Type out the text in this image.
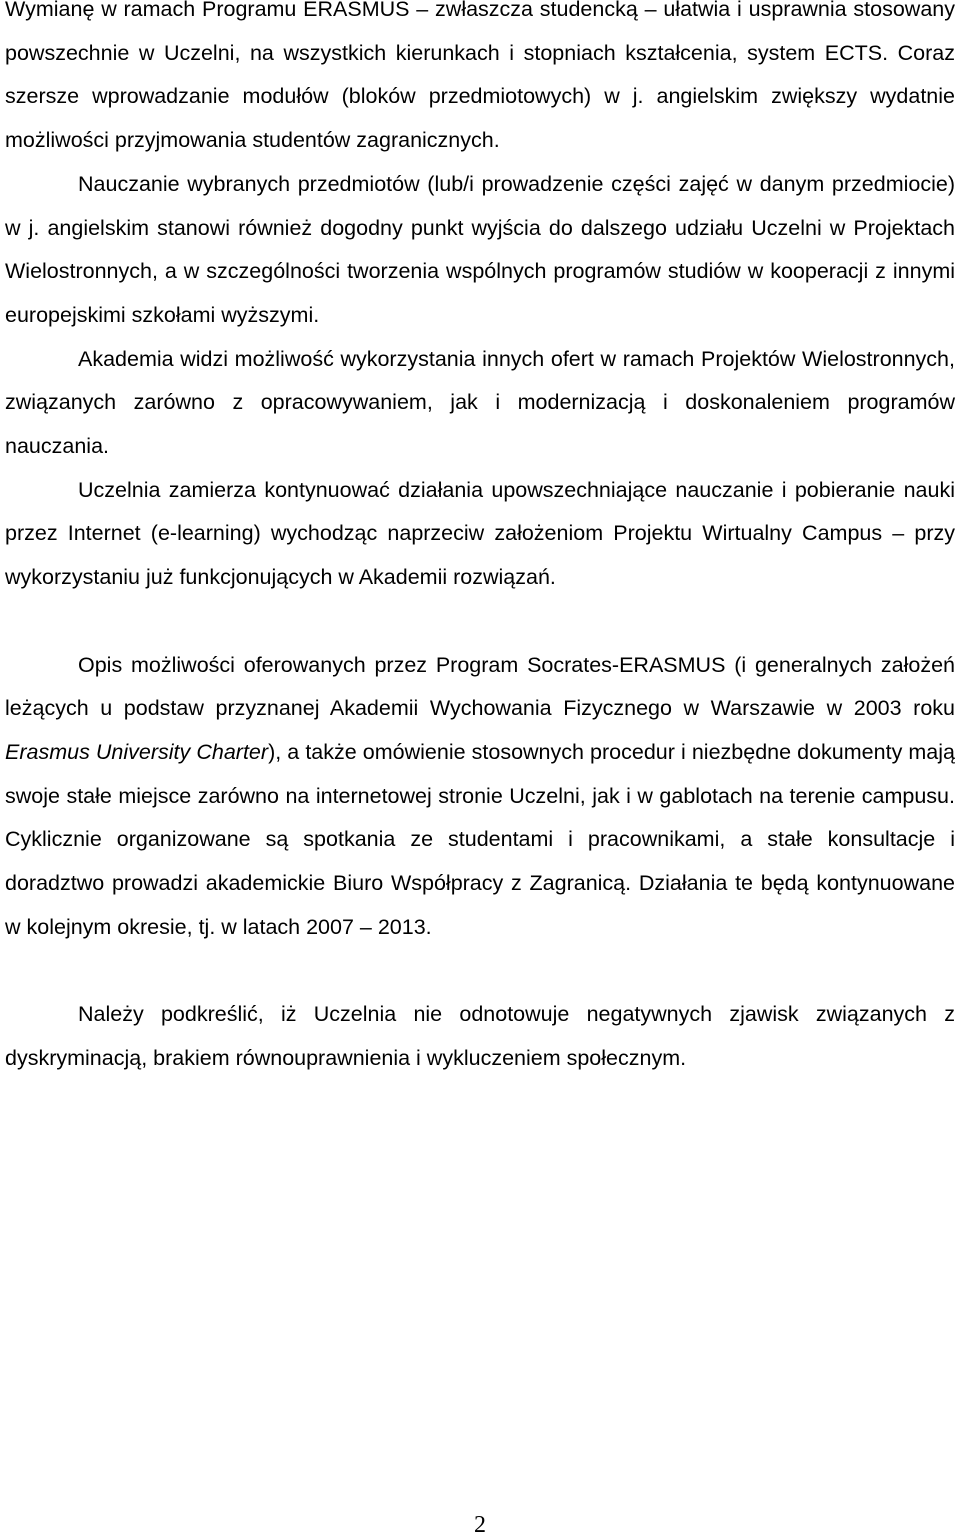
Wymianę w ramach Programu ERASMUS – zwłaszcza studencką – ułatwia i usprawnia stosowany powszechnie w Uczelni, na wszystkich kierunkach i stopniach kształcenia, system ECTS. Coraz szersze wprowadzanie modułów (bloków przedmiotowych) w j. angielskim zwiększy wydatnie możliwości przyjmowania studentów zagranicznych.

Nauczanie wybranych przedmiotów (lub/i prowadzenie części zajęć w danym przedmiocie) w j. angielskim stanowi również dogodny punkt wyjścia do dalszego udziału Uczelni w Projektach Wielostronnych, a w szczególności tworzenia wspólnych programów studiów w kooperacji z innymi europejskimi szkołami wyższymi.

Akademia widzi możliwość wykorzystania innych ofert w ramach Projektów Wielostronnych, związanych zarówno z opracowywaniem, jak i modernizacją i doskonaleniem programów nauczania.

Uczelnia zamierza kontynuować działania upowszechniające nauczanie i pobieranie nauki przez Internet (e-learning) wychodząc naprzeciw założeniom Projektu Wirtualny Campus – przy wykorzystaniu już funkcjonujących w Akademii rozwiązań.

Opis możliwości oferowanych przez Program Socrates-ERASMUS (i generalnych założeń leżących u podstaw przyznanej Akademii Wychowania Fizycznego w Warszawie w 2003 roku Erasmus University Charter), a także omówienie stosownych procedur i niezbędne dokumenty mają swoje stałe miejsce zarówno na internetowej stronie Uczelni, jak i w gablotach na terenie campusu. Cyklicznie organizowane są spotkania ze studentami i pracownikami, a stałe konsultacje i doradztwo prowadzi akademickie Biuro Współpracy z Zagranicą. Działania te będą kontynuowane w kolejnym okresie, tj. w latach 2007 – 2013.

Należy podkreślić, iż Uczelnia nie odnotowuje negatywnych zjawisk związanych z dyskryminacją, brakiem równouprawnienia i wykluczeniem społecznym.

2
